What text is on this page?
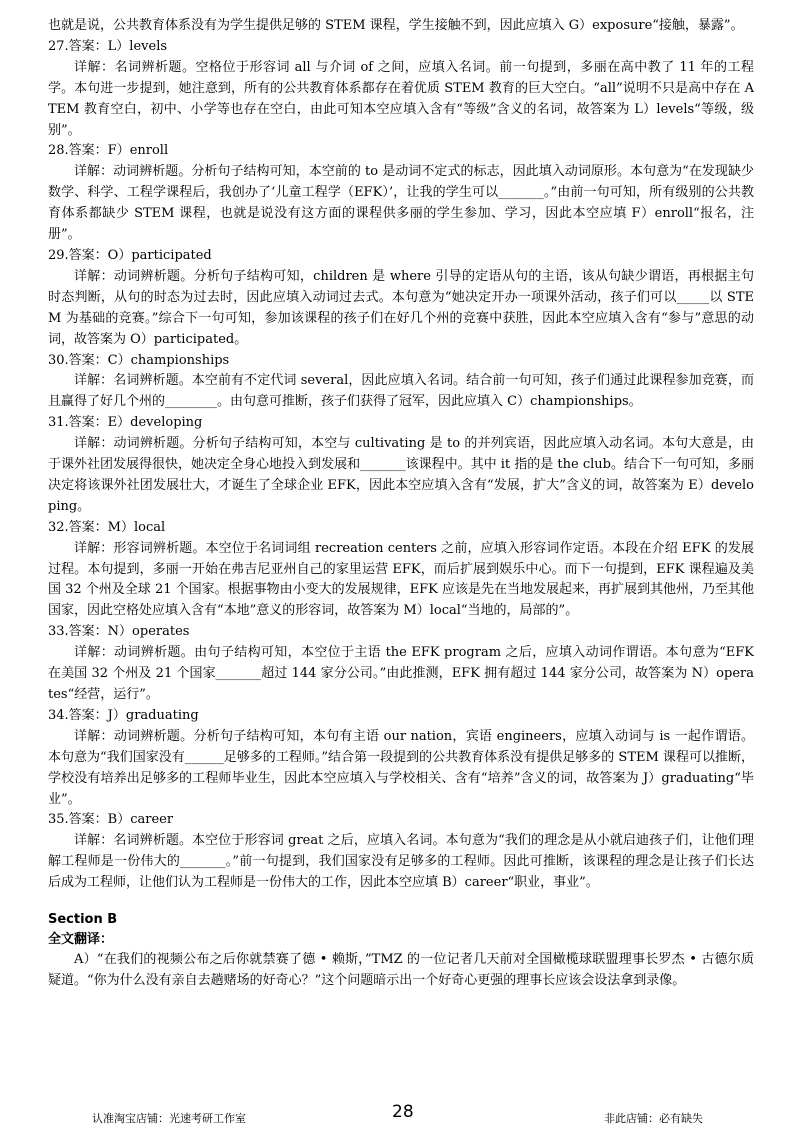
也就是说，公共教育体系没有为学生提供足够的 STEM 课程，学生接触不到，因此应填入 G）exposure“接触，暴露”。

27.答案：L）levels

详解：名词辨析题。空格位于形容词 all 与介词 of 之间，应填入名词。前一句提到，多丽在高中教了 11 年的工程学。本句进一步提到，她注意到，所有的公共教育体系都存在着优质 STEM 教育的巨大空白。“all”说明不只是高中存在 ATEM 教育空白，初中、小学等也存在空白，由此可知本空应填入含有“等级”含义的名词，故答案为 L）levels“等级，级别”。

28.答案：F）enroll

详解：动词辨析题。分析句子结构可知，本空前的 to 是动词不定式的标志，因此填入动词原形。本句意为“在发现缺少数学、科学、工程学课程后，我创办了‘儿童工程学（EFK）’，让我的学生可以_______。”由前一句可知，所有级别的公共教育体系都缺少 STEM 课程，也就是说没有这方面的课程供多丽的学生参加、学习，因此本空应填 F）enroll“报名，注册”。

29.答案：O）participated

详解：动词辨析题。分析句子结构可知，children 是 where 引导的定语从句的主语，该从句缺少谓语，再根据主句时态判断，从句的时态为过去时，因此应填入动词过去式。本句意为“她决定开办一项课外活动，孩子们可以_____以 STEM 为基础的竞赛。”综合下一句可知，参加该课程的孩子们在好几个州的竞赛中获胜，因此本空应填入含有“参与”意思的动词，故答案为 O）participated。

30.答案：C）championships

详解：名词辨析题。本空前有不定代词 several，因此应填入名词。结合前一句可知，孩子们通过此课程参加竞赛，而且赢得了好几个州的________。由句意可推断，孩子们获得了冠军，因此应填入 C）championships。

31.答案：E）developing

详解：动词辨析题。分析句子结构可知，本空与 cultivating 是 to 的并列宾语，因此应填入动名词。本句大意是，由于课外社团发展得很快，她决定全身心地投入到发展和_______该课程中。其中 it 指的是 the club。结合下一句可知，多丽决定将该课外社团发展壮大，才诞生了全球企业 EFK，因此本空应填入含有“发展，扩大”含义的词，故答案为 E）developing。

32.答案：M）local

详解：形容词辨析题。本空位于名词词组 recreation centers 之前，应填入形容词作定语。本段在介绍 EFK 的发展过程。本句提到，多丽一开始在弗吉尼亚州自己的家里运营 EFK，而后扩展到娱乐中心。而下一句提到，EFK 课程遍及美国 32 个州及全球 21 个国家。根据事物由小变大的发展规律，EFK 应该是先在当地发展起来，再扩展到其他州，乃至其他国家，因此空格处应填入含有“本地”意义的形容词，故答案为 M）local“当地的，局部的”。

33.答案：N）operates

详解：动词辨析题。由句子结构可知，本空位于主语 the EFK program 之后，应填入动词作谓语。本句意为“EFK 在美国 32 个州及 21 个国家_______超过 144 家分公司。”由此推测，EFK 拥有超过 144 家分公司，故答案为 N）operates“经营，运行”。

34.答案：J）graduating

详解：动词辨析题。分析句子结构可知，本句有主语 our nation，宾语 engineers，应填入动词与 is 一起作谓语。本句意为“我们国家没有______足够多的工程师。”结合第一段提到的公共教育体系没有提供足够多的 STEM 课程可以推断，学校没有培养出足够多的工程师毕业生，因此本空应填入与学校相关、含有“培养”含义的词，故答案为 J）graduating“毕业”。

35.答案：B）career

详解：名词辨析题。本空位于形容词 great 之后，应填入名词。本句意为“我们的理念是从小就启迪孩子们，让他们理解工程师是一份伟大的_______。”前一句提到，我们国家没有足够多的工程师。因此可推断，该课程的理念是让孩子们长达后成为工程师，让他们认为工程师是一份伟大的工作，因此本空应填 B）career“职业，事业”。

Section B

全文翻译：

A）“在我们的视频公布之后你就禁赛了德 • 赖斯，”TMZ 的一位记者几天前对全国橄榄球联盟理事长罗杰 • 古德尔质疑道。“你为什么没有亲自去趟赌场的好奇心？”这个问题暗示出一个好奇心更强的理事长应该会设法拿到录像。

认准淘宝店铺：光速考研工作室	28	非此店铺：必有缺失
